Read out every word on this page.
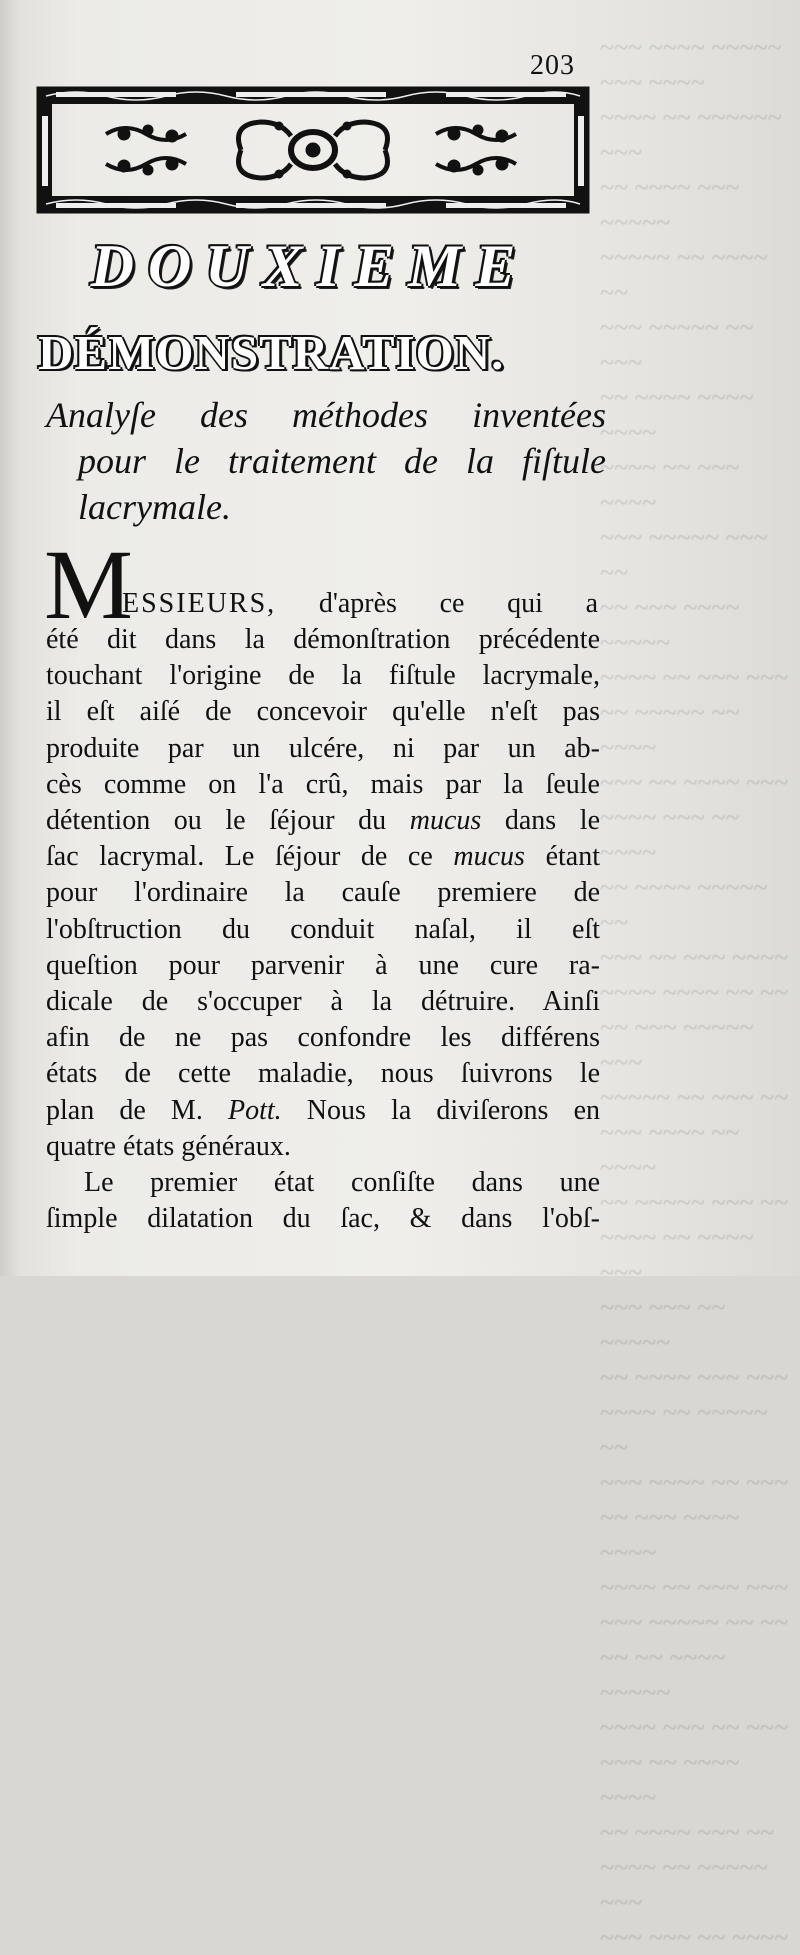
~~~ ~~~~ ~~~~~ ~~~ ~~~~
~~~~ ~~ ~~~~~~ ~~~
~~ ~~~~ ~~~ ~~~~~
~~~~~ ~~ ~~~~ ~~
~~~ ~~~~~ ~~ ~~~
~~ ~~~~ ~~~~ ~~~~
~~~~ ~~ ~~~ ~~~~
~~~ ~~~~~ ~~~ ~~
~~ ~~~ ~~~~ ~~~~~
~~~~ ~~ ~~~ ~~~
~~ ~~~~~ ~~ ~~~~
~~~ ~~ ~~~~ ~~~
~~~~ ~~~ ~~ ~~~~
~~ ~~~~ ~~~~~ ~~
~~~ ~~ ~~~ ~~~~
~~~~ ~~~~ ~~ ~~
~~ ~~~ ~~~~~ ~~~
~~~~~ ~~ ~~~ ~~
~~~ ~~~~ ~~ ~~~~
~~ ~~~~~ ~~~ ~~
~~~~ ~~ ~~~~ ~~~
~~~ ~~~ ~~ ~~~~~
~~ ~~~~ ~~~ ~~~
~~~~ ~~ ~~~~~ ~~
~~~ ~~~~ ~~ ~~~
~~ ~~~ ~~~~ ~~~~
~~~~ ~~ ~~~ ~~~
~~~ ~~~~~ ~~ ~~
~~ ~~ ~~~~ ~~~~~
~~~~ ~~~ ~~ ~~~
~~~ ~~ ~~~~ ~~~~
~~ ~~~~ ~~~ ~~
~~~~ ~~ ~~~~~ ~~~
~~~ ~~~ ~~ ~~~~
203
DOUXIEME
DÉMONSTRATION.
Analyſe des méthodes inventées
pour le traitement de la fiſtule
lacrymale.
M
ESSIEURS, d'après ce qui a
été dit dans la démonſtration précédente
touchant l'origine de la fiſtule lacrymale,
il eſt aiſé de concevoir qu'elle n'eſt pas
produite par un ulcére, ni par un ab-
cès comme on l'a crû, mais par la ſeule
détention ou le ſéjour du mucus dans le
ſac lacrymal. Le ſéjour de ce mucus étant
pour l'ordinaire la cauſe premiere de
l'obſtruction du conduit naſal, il eſt
queſtion pour parvenir à une cure ra-
dicale de s'occuper à la détruire. Ainſi
afin de ne pas confondre les différens
états de cette maladie, nous ſuivrons le
plan de M. Pott. Nous la diviſerons en
quatre états généraux.
Le premier état conſiſte dans une
ſimple dilatation du ſac, & dans l'obſ-
